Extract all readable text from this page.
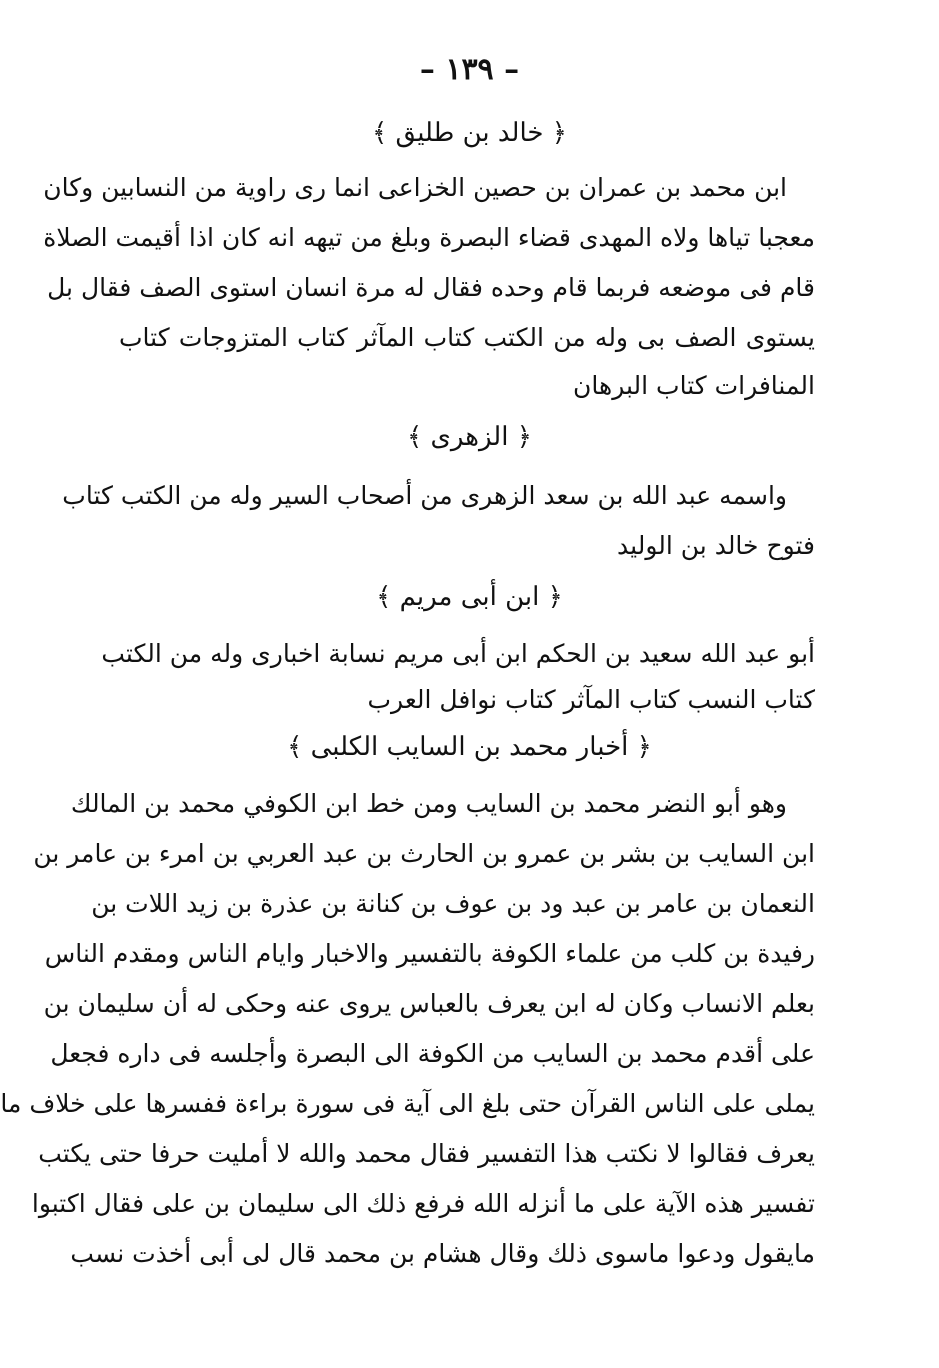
– ١٣٩ –
﴿ خالد بن طليق ﴾
ابن محمد بن عمران بن حصين الخزاعى انما رى راوية من النسابين وكان
معجبا تياها ولاه المهدى قضاء البصرة وبلغ من تيهه انه كان اذا أقيمت الصلاة
قام فى موضعه فربما قام وحده فقال له مرة انسان استوى الصف فقال بل
يستوى الصف بى وله من الكتب كتاب المآثر كتاب المتزوجات كتاب
المنافرات كتاب البرهان
﴿ الزهرى ﴾
واسمه عبد الله بن سعد الزهرى من أصحاب السير وله من الكتب كتاب
فتوح خالد بن الوليد
﴿ ابن أبى مريم ﴾
أبو عبد الله سعيد بن الحكم ابن أبى مريم نسابة اخبارى وله من الكتب
كتاب النسب كتاب المآثر كتاب نوافل العرب
﴿ أخبار محمد بن السايب الكلبى ﴾
وهو أبو النضر محمد بن السايب ومن خط ابن الكوفي محمد بن المالك
ابن السايب بن بشر بن عمرو بن الحارث بن عبد العربي بن امرء بن عامر بن
النعمان بن عامر بن عبد ود بن عوف بن كنانة بن عذرة بن زيد اللات بن
رفيدة بن كلب من علماء الكوفة بالتفسير والاخبار وايام الناس ومقدم الناس
بعلم الانساب وكان له ابن يعرف بالعباس يروى عنه وحكى له أن سليمان بن
على أقدم محمد بن السايب من الكوفة الى البصرة وأجلسه فى داره فجعل
يملى على الناس القرآن حتى بلغ الى آية فى سورة براءة ففسرها على خلاف ما
يعرف فقالوا لا نكتب هذا التفسير فقال محمد والله لا أمليت حرفا حتى يكتب
تفسير هذه الآية على ما أنزله الله فرفع ذلك الى سليمان بن على فقال اكتبوا
مايقول ودعوا ماسوى ذلك وقال هشام بن محمد قال لى أبى أخذت نسب
